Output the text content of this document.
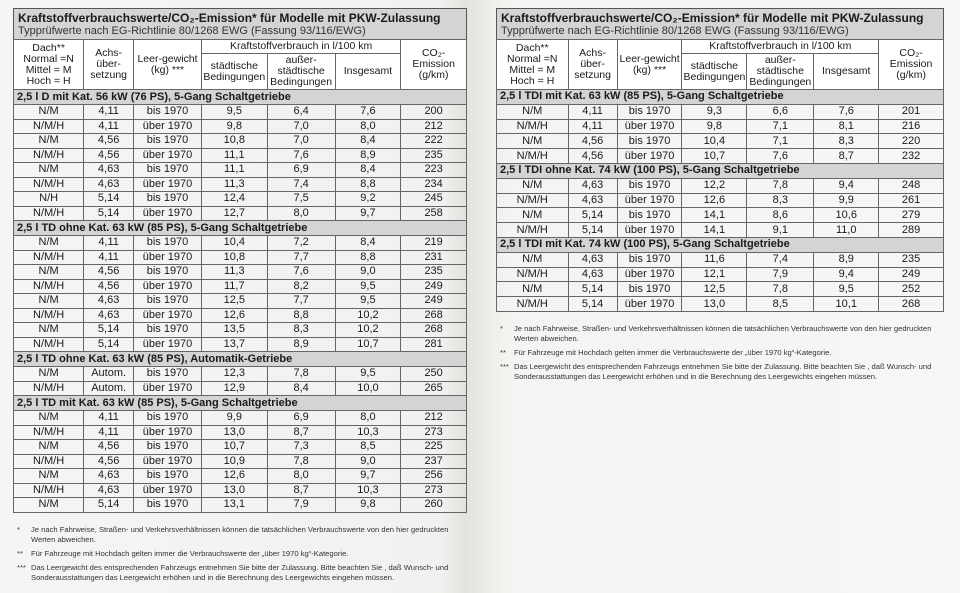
Kraftstoffverbrauchswerte/CO₂-Emission* für Modelle mit PKW-Zulassung
Typprüfwerte nach EG-Richtlinie 80/1268 EWG (Fassung 93/116/EWG)
Dach**
Normal =N
Mittel = M
Hoch = H	Achs-über-setzung	Leer-gewicht (kg) ***	Kraftstoffverbrauch in l/100 km			CO₂-Emission (g/km)
			städtische Bedingungen	außer-städtische Bedingungen	Insgesamt	
2,5 l D mit Kat. 56 kW (76 PS), 5-Gang Schaltgetriebe						
N/M	4,11	bis 1970	9,5	6,4	7,6	200
N/M/H	4,11	über 1970	9,8	7,0	8,0	212
N/M	4,56	bis 1970	10,8	7,0	8,4	222
N/M/H	4,56	über 1970	11,1	7,6	8,9	235
N/M	4,63	bis 1970	11,1	6,9	8,4	223
N/M/H	4,63	über 1970	11,3	7,4	8,8	234
N/H	5,14	bis 1970	12,4	7,5	9,2	245
N/M/H	5,14	über 1970	12,7	8,0	9,7	258
2,5 l TD ohne Kat. 63 kW (85 PS), 5-Gang Schaltgetriebe						
N/M	4,11	bis 1970	10,4	7,2	8,4	219
N/M/H	4,11	über 1970	10,8	7,7	8,8	231
N/M	4,56	bis 1970	11,3	7,6	9,0	235
N/M/H	4,56	über 1970	11,7	8,2	9,5	249
N/M	4,63	bis 1970	12,5	7,7	9,5	249
N/M/H	4,63	über 1970	12,6	8,8	10,2	268
N/M	5,14	bis 1970	13,5	8,3	10,2	268
N/M/H	5,14	über 1970	13,7	8,9	10,7	281
2,5 l TD ohne Kat. 63 kW (85 PS), Automatik-Getriebe						
N/M	Autom.	bis 1970	12,3	7,8	9,5	250
N/M/H	Autom.	über 1970	12,9	8,4	10,0	265
2,5 l TD mit Kat. 63 kW (85 PS), 5-Gang Schaltgetriebe						
N/M	4,11	bis 1970	9,9	6,9	8,0	212
N/M/H	4,11	über 1970	13,0	8,7	10,3	273
N/M	4,56	bis 1970	10,7	7,3	8,5	225
N/M/H	4,56	über 1970	10,9	7,8	9,0	237
N/M	4,63	bis 1970	12,6	8,0	9,7	256
N/M/H	4,63	über 1970	13,0	8,7	10,3	273
N/M	5,14	bis 1970	13,1	7,9	9,8	260
*	Je nach Fahrweise, Straßen- und Verkehrsverhältnissen können die tatsächlichen Verbrauchswerte von den hier gedruckten Werten abweichen.
**	Für Fahrzeuge mit Hochdach gelten immer die Verbrauchswerte der „über 1970 kg“-Kategorie.
*** Das Leergewicht des entsprechenden Fahrzeugs entnehmen Sie bitte der Zulassung. Bitte beachten Sie , daß Wunsch- und Sonderausstattungen das Leergewicht erhöhen und in die Berechnung des Leergewichts eingehen müssen.
Kraftstoffverbrauchswerte/CO₂-Emission* für Modelle mit PKW-Zulassung
Typprüfwerte nach EG-Richtlinie 80/1268 EWG (Fassung 93/116/EWG)
Dach**
Normal =N
Mittel = M
Hoch = H	Achs-über-setzung	Leer-gewicht (kg) ***	Kraftstoffverbrauch in l/100 km			CO₂-Emission (g/km)
			städtische Bedingungen	außer-städtische Bedingungen	Insgesamt	
2,5 l TDI mit Kat. 63 kW (85 PS), 5-Gang Schaltgetriebe						
N/M	4,11	bis 1970	9,3	6,6	7,6	201
N/M/H	4,11	über 1970	9,8	7,1	8,1	216
N/M	4,56	bis 1970	10,4	7,1	8,3	220
N/M/H	4,56	über 1970	10,7	7,6	8,7	232
2,5 l TDI ohne Kat. 74 kW (100 PS), 5-Gang Schaltgetriebe						
N/M	4,63	bis 1970	12,2	7,8	9,4	248
N/M/H	4,63	über 1970	12,6	8,3	9,9	261
N/M	5,14	bis 1970	14,1	8,6	10,6	279
N/M/H	5,14	über 1970	14,1	9,1	11,0	289
2,5 l TDI mit Kat. 74 kW (100 PS), 5-Gang Schaltgetriebe						
N/M	4,63	bis 1970	11,6	7,4	8,9	235
N/M/H	4,63	über 1970	12,1	7,9	9,4	249
N/M	5,14	bis 1970	12,5	7,8	9,5	252
N/M/H	5,14	über 1970	13,0	8,5	10,1	268
*	Je nach Fahrweise, Straßen- und Verkehrsverhältnissen können die tatsächlichen Verbrauchswerte von den hier gedruckten Werten abweichen.
**	Für Fahrzeuge mit Hochdach gelten immer die Verbrauchswerte der „über 1970 kg“-Kategorie.
*** Das Leergewicht des entsprechenden Fahrzeugs entnehmen Sie bitte der Zulassung. Bitte beachten Sie , daß Wunsch- und Sonderausstattungen das Leergewicht erhöhen und in die Berechnung des Leergewichts eingehen müssen.
